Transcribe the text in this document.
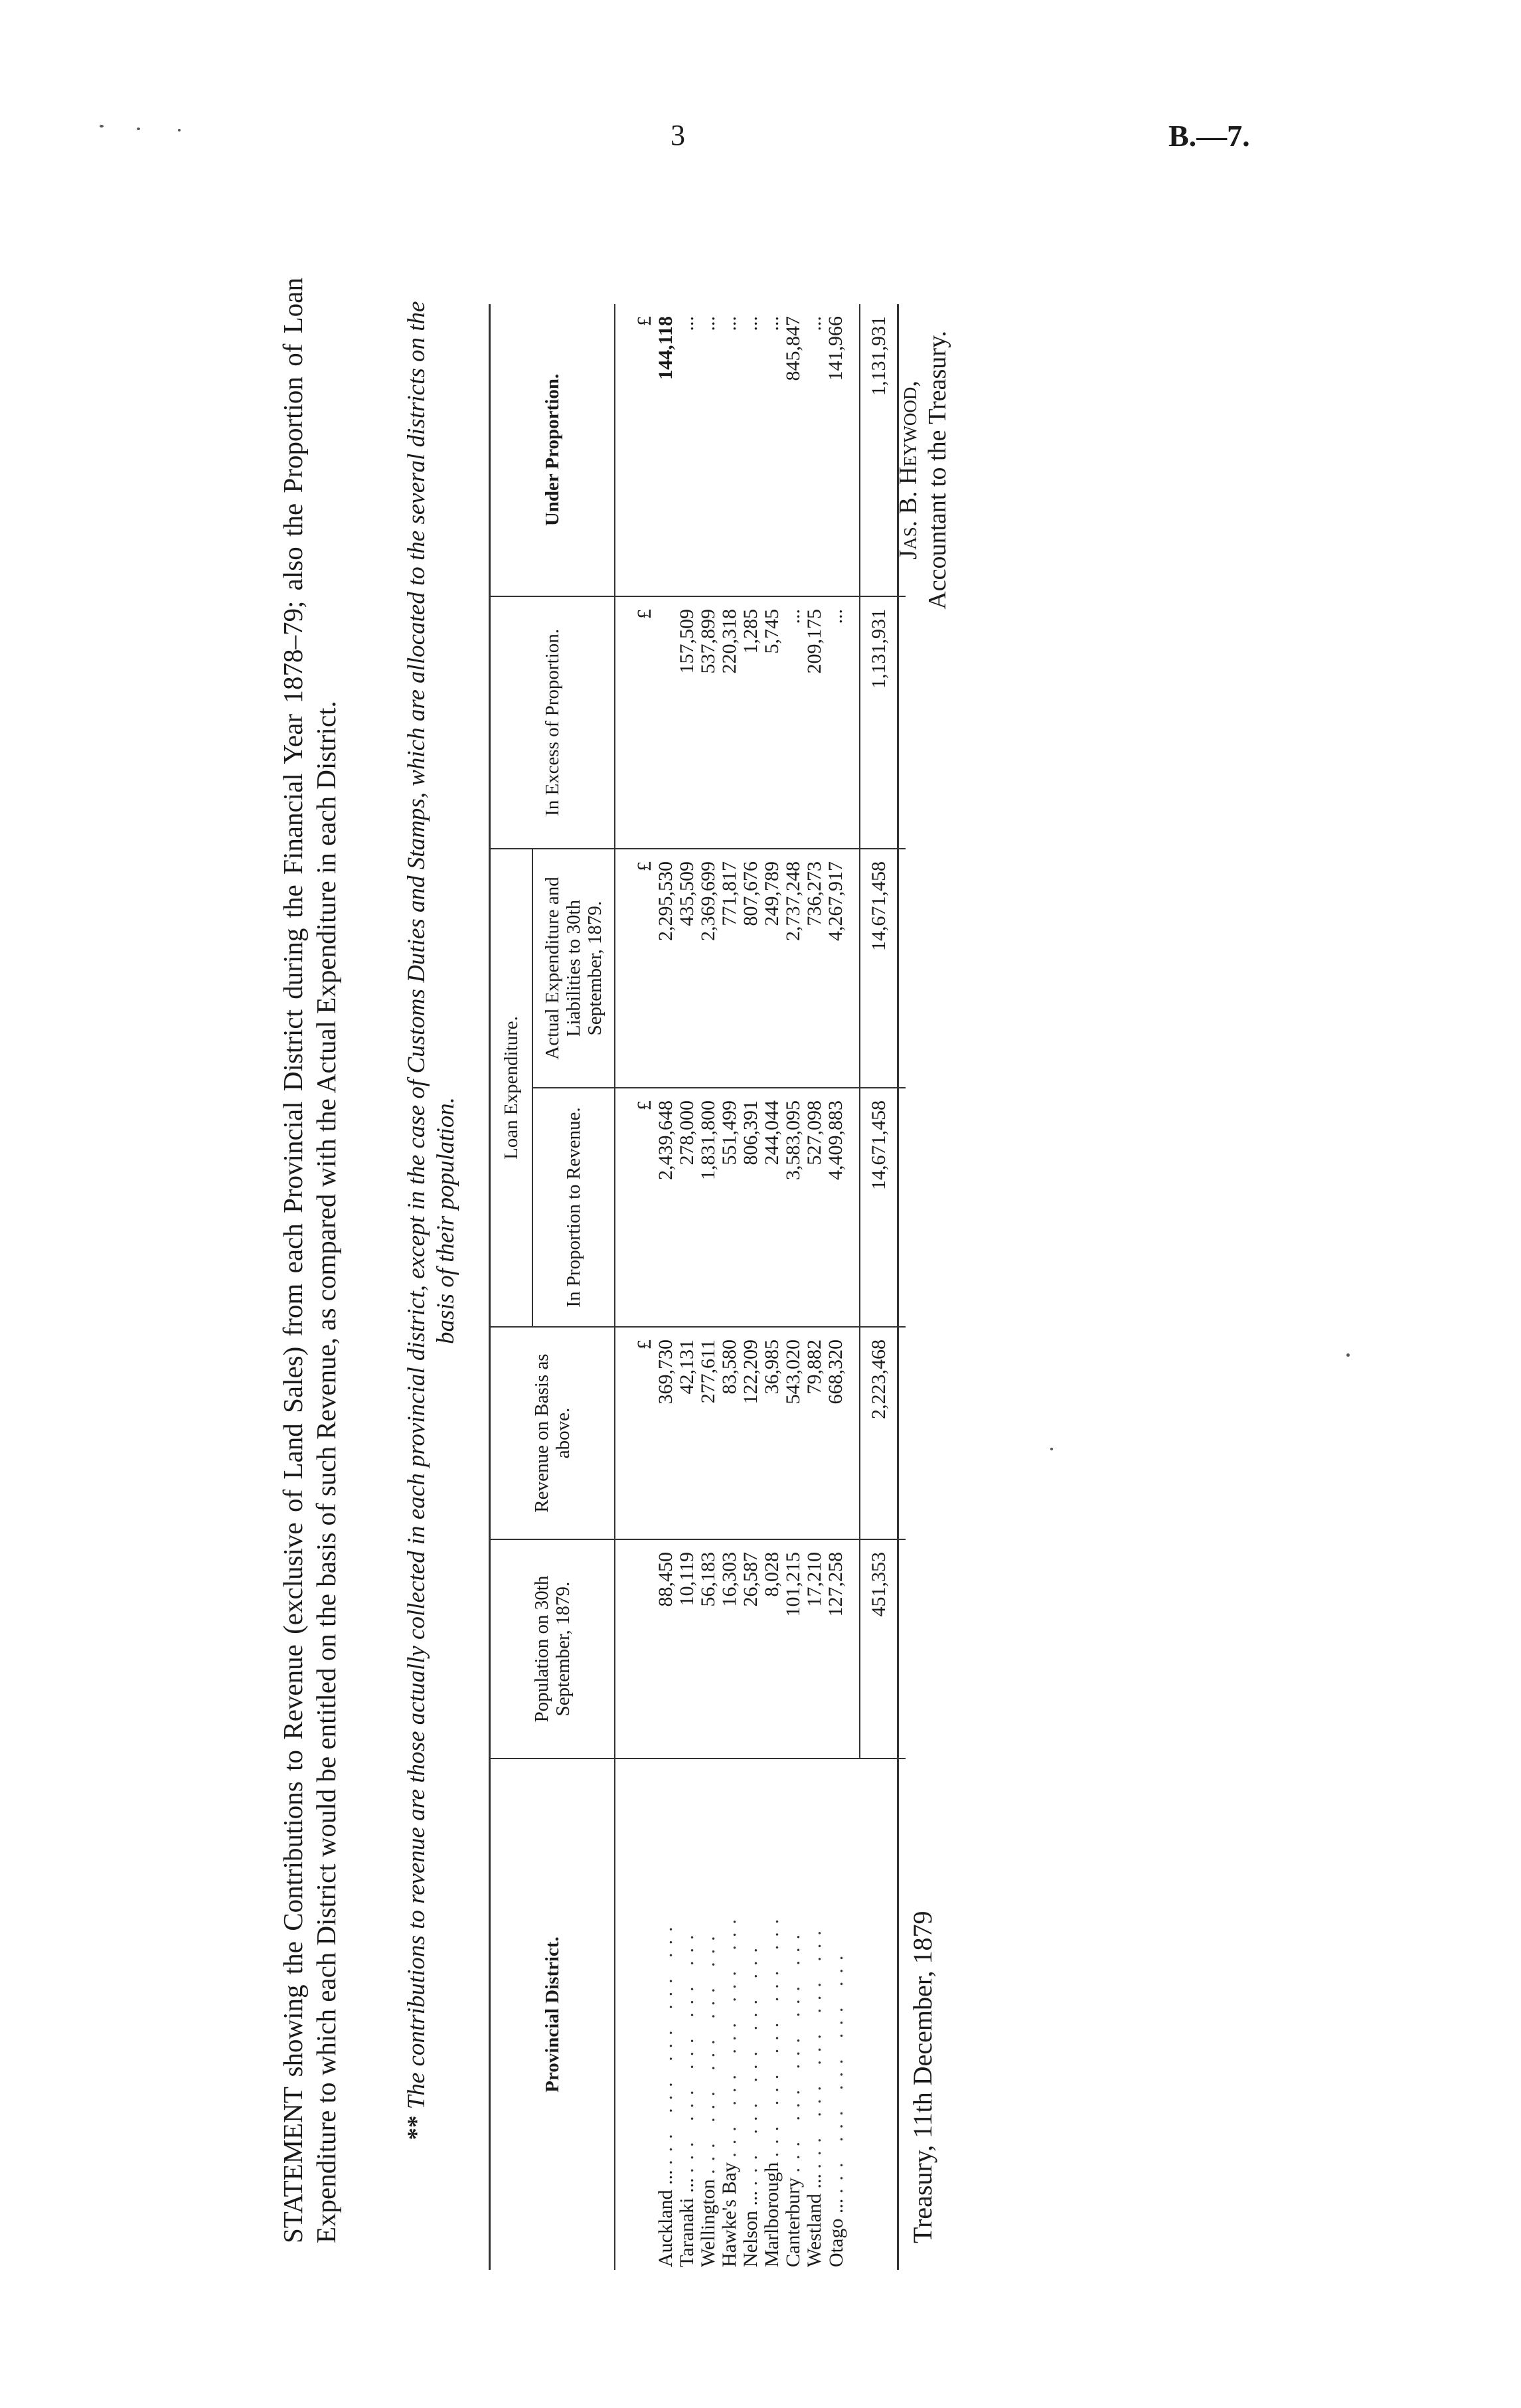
3	B.—7.
STATEMENT showing the Contributions to Revenue (exclusive of Land Sales) from each Provincial District during the Financial Year 1878–79; also the Proportion of Loan Expenditure to which each District would be entitled on the basis of such Revenue, as compared with the Actual Expenditure in each District.	** The contributions to revenue are those actually collected in each provincial district, except in the case of Customs Duties and Stamps, which are allocated to the several districts on the basis of their population.
Provincial District.	Population on 30th September, 1879.	Revenue on Basis as above.	Loan Expenditure.		In Excess of Proportion.	Under Proportion.
			In Proportion to Revenue.	Actual Expenditure and Liabilities to 30th September, 1879.		
		£	£	£	£	£
Auckland ... ... ... ... ... ...	88,450	369,730	2,439,648	2,295,530		144,118
Taranaki ... ... ... ... ... ...	10,119	42,131	278,000	435,509	157,509	...
Wellington ... ... ... ... ...	56,183	277,611	1,831,800	2,369,699	537,899	...
Hawke's Bay ... ... ... ... ...	16,303	83,580	551,499	771,817	220,318	...
Nelson ... ... ... ... ... ...	26,587	122,209	806,391	807,676	1,285	...
Marlborough ... ... ... ... ...	8,028	36,985	244,044	249,789	5,745	...
Canterbury ... ... ... ... ...	101,215	543,020	3,583,095	2,737,248	...	845,847
Westland ... ... ... ... ... ...	17,210	79,882	527,098	736,273	209,175	...
Otago ... ... ... ... ... ...	127,258	668,320	4,409,883	4,267,917	...	141,966
	451,353	2,223,468	14,671,458	14,671,458	1,131,931	1,131,931

Treasury, 11th December, 1879
Jas. B. Heywood, Accountant to the Treasury.
